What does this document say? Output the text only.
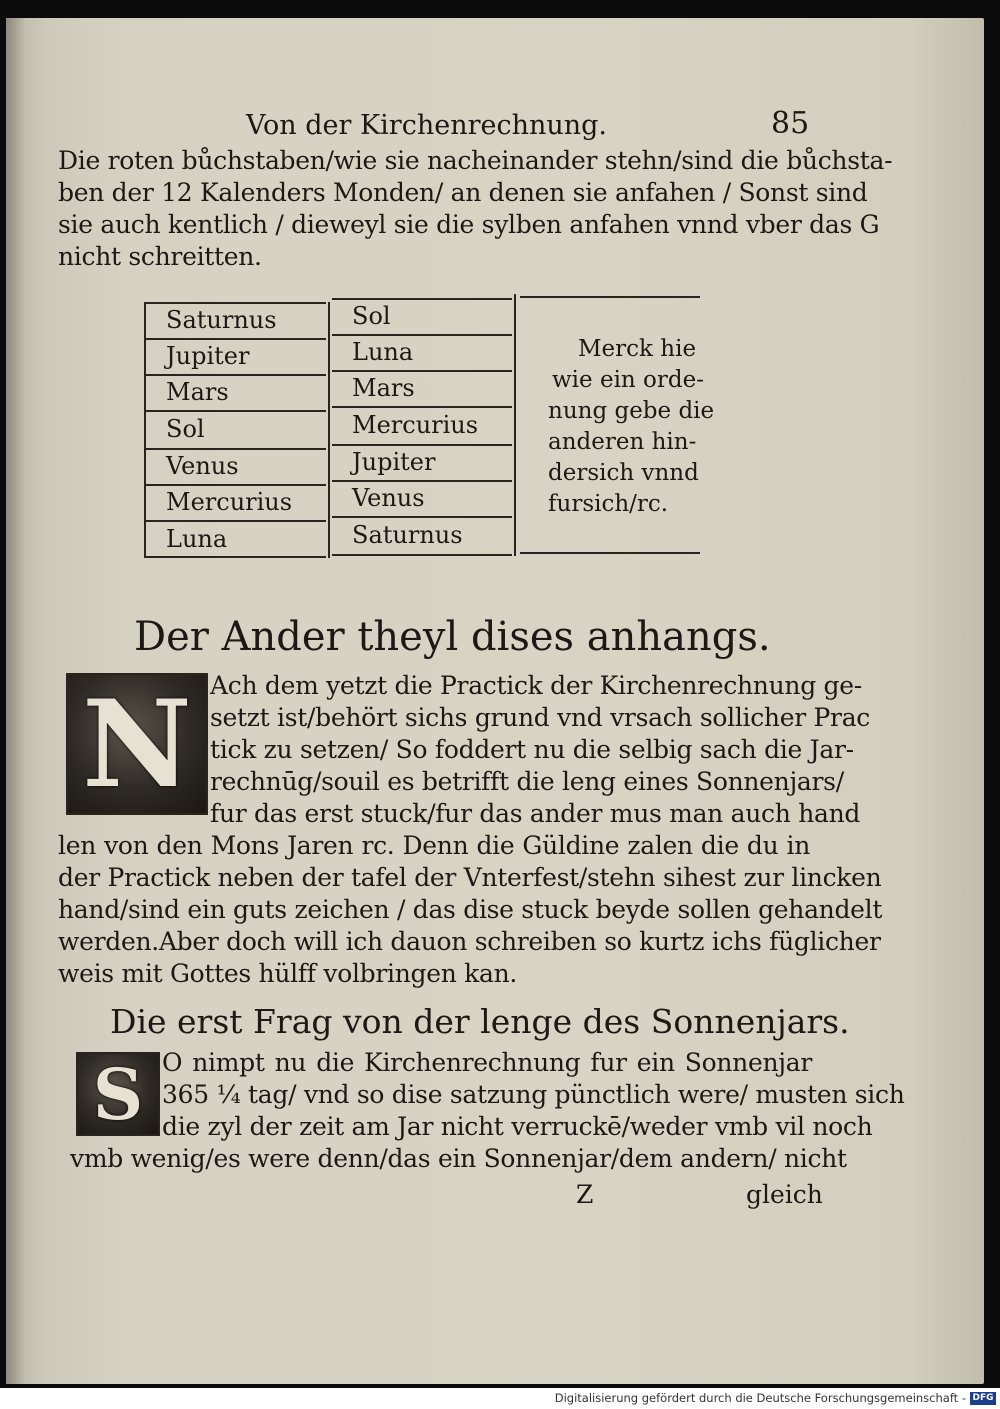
Von der Kirchenrechnung.	85
Die roten bůchstaben/wie sie nacheinander stehn/sind die bůchsta-
ben der 12 Kalenders Monden/ an denen sie anfahen / Sonst sind
sie auch kentlich / dieweyl sie die sylben anfahen vnnd vber das G
nicht schreitten.
Saturnus
Jupiter
Mars
Sol
Venus
Mercurius
Luna
Sol
Luna
Mars
Mercurius
Jupiter
Venus
Saturnus
Merck hie
wie ein orde-
nung gebe die
anderen hin-
dersich vnnd
fursich/rc.
Der Ander theyl dises anhangs.
N Ach dem yetzt die Practick der Kirchenrechnung ge-
setzt ist/behört sichs grund vnd vrsach sollicher Prac
tick zu setzen/ So foddert nu die selbig sach die Jar-
rechnūg/souil es betrifft die leng eines Sonnenjars/
fur das erst stuck/fur das ander mus man auch hand
len von den Mons Jaren rc. Denn die Güldine zalen die du in
der Practick neben der tafel der Vnterfest/stehn sihest zur lincken
hand/sind ein guts zeichen / das dise stuck beyde sollen gehandelt
werden.Aber doch will ich dauon schreiben so kurtz ichs füglicher
weis mit Gottes hülff volbringen kan.
Die erst Frag von der lenge des Sonnenjars.
S O nimpt nu die Kirchenrechnung fur ein Sonnenjar
365 ¼ tag/ vnd so dise satzung pünctlich were/ musten sich
die zyl der zeit am Jar nicht verruckē/weder vmb vil noch
vmb wenig/es were denn/das ein Sonnenjar/dem andern/ nicht
Z	gleich
Digitalisierung gefördert durch die Deutsche Forschungsgemeinschaft - DFG
